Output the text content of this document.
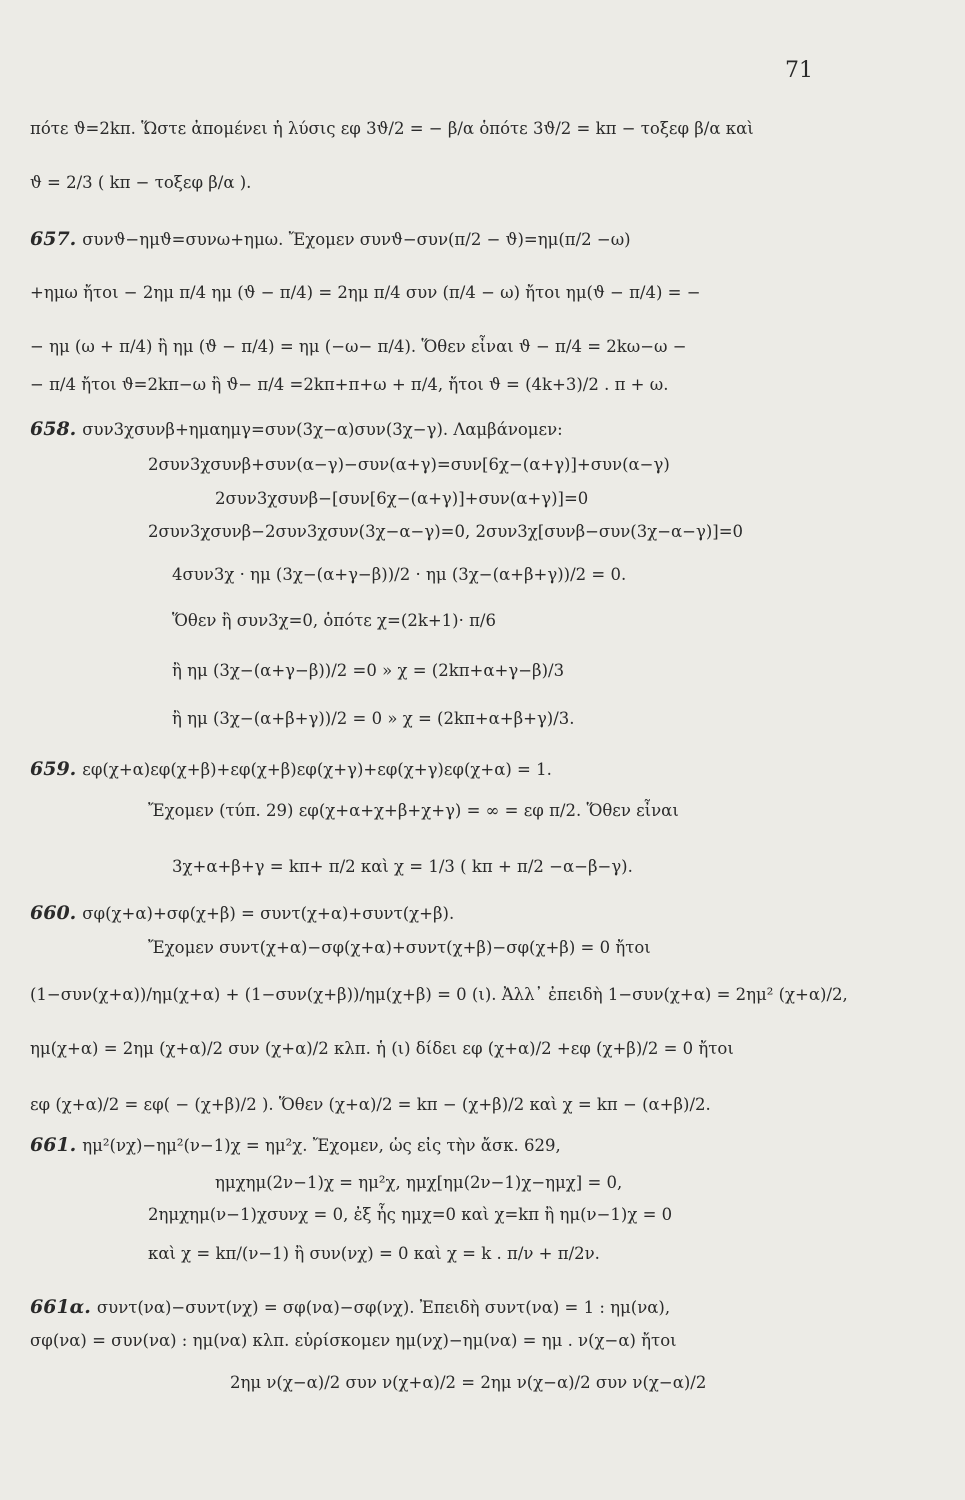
71
πότε ϑ=2kπ. Ὥστε ἀπομένει ἡ λύσις εφ 3ϑ/2 = − β/α ὁπότε 3ϑ/2 = kπ − τοξεφ β/α καὶ
ϑ = 2/3 ( kπ − τοξεφ β/α ).
657. συνϑ−ημϑ=συνω+ημω. Ἔχομεν συνϑ−συν(π/2 − ϑ)=ημ(π/2 −ω)
+ημω ἤτοι − 2ημ π/4 ημ (ϑ − π/4) = 2ημ π/4 συν (π/4 − ω) ἤτοι ημ(ϑ − π/4) = −
− ημ (ω + π/4) ἢ ημ (ϑ − π/4) = ημ (−ω− π/4). Ὅθεν εἶναι ϑ − π/4 = 2kω−ω −
− π/4 ἤτοι ϑ=2kπ−ω ἢ ϑ− π/4 =2kπ+π+ω + π/4, ἤτοι ϑ = (4k+3)/2 . π + ω.
658. συν3χσυνβ+ημαημγ=συν(3χ−α)συν(3χ−γ). Λαμβάνομεν:
2συν3χσυνβ+συν(α−γ)−συν(α+γ)=συν[6χ−(α+γ)]+συν(α−γ)
2συν3χσυνβ−[συν[6χ−(α+γ)]+συν(α+γ)]=0
2συν3χσυνβ−2συν3χσυν(3χ−α−γ)=0, 2συν3χ[συνβ−συν(3χ−α−γ)]=0
4συν3χ · ημ (3χ−(α+γ−β))/2 · ημ (3χ−(α+β+γ))/2 = 0.
Ὅθεν ἢ συν3χ=0, ὁπότε χ=(2k+1)· π/6
ἢ ημ (3χ−(α+γ−β))/2 =0 » χ = (2kπ+α+γ−β)/3
ἢ ημ (3χ−(α+β+γ))/2 = 0 » χ = (2kπ+α+β+γ)/3.
659. εφ(χ+α)εφ(χ+β)+εφ(χ+β)εφ(χ+γ)+εφ(χ+γ)εφ(χ+α) = 1.
Ἔχομεν (τύπ. 29) εφ(χ+α+χ+β+χ+γ) = ∞ = εφ π/2. Ὅθεν εἶναι
3χ+α+β+γ = kπ+ π/2 καὶ χ = 1/3 ( kπ + π/2 −α−β−γ).
660. σφ(χ+α)+σφ(χ+β) = συντ(χ+α)+συντ(χ+β).
Ἔχομεν συντ(χ+α)−σφ(χ+α)+συντ(χ+β)−σφ(χ+β) = 0 ἤτοι
(1−συν(χ+α))/ημ(χ+α) + (1−συν(χ+β))/ημ(χ+β) = 0 (ι). Ἀλλ᾽ ἐπειδὴ 1−συν(χ+α) = 2ημ² (χ+α)/2,
ημ(χ+α) = 2ημ (χ+α)/2 συν (χ+α)/2 κλπ. ἡ (ι) δίδει εφ (χ+α)/2 +εφ (χ+β)/2 = 0 ἤτοι
εφ (χ+α)/2 = εφ( − (χ+β)/2 ). Ὅθεν (χ+α)/2 = kπ − (χ+β)/2 καὶ χ = kπ − (α+β)/2.
661. ημ²(νχ)−ημ²(ν−1)χ = ημ²χ. Ἔχομεν, ὡς εἰς τὴν ἄσκ. 629,
ημχημ(2ν−1)χ = ημ²χ, ημχ[ημ(2ν−1)χ−ημχ] = 0,
2ημχημ(ν−1)χσυνχ = 0, ἐξ ἧς ημχ=0 καὶ χ=kπ ἢ ημ(ν−1)χ = 0
καὶ χ = kπ/(ν−1) ἢ συν(νχ) = 0 καὶ χ = k . π/ν + π/2ν.
661α. συντ(να)−συντ(νχ) = σφ(να)−σφ(νχ). Ἐπειδὴ συντ(να) = 1 : ημ(να),
σφ(να) = συν(να) : ημ(να) κλπ. εὑρίσκομεν ημ(νχ)−ημ(να) = ημ . ν(χ−α) ἤτοι
2ημ ν(χ−α)/2 συν ν(χ+α)/2 = 2ημ ν(χ−α)/2 συν ν(χ−α)/2
